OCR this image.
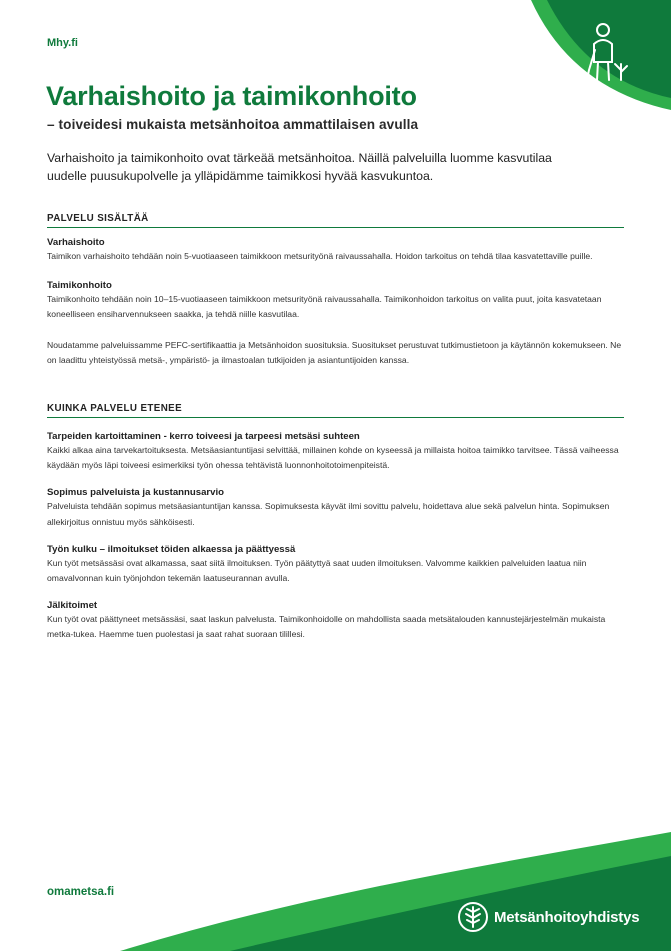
Mhy.fi
Varhaishoito ja taimikonhoito
– toiveidesi mukaista metsänhoitoa ammattilaisen avulla

Varhaishoito ja taimikonhoito ovat tärkeää metsänhoitoa. Näillä palveluilla luomme kasvutilaa uudelle puusukupolvelle ja ylläpidämme taimikkosi hyvää kasvukuntoa.

PALVELU SISÄLTÄÄ

Varhaishoito

Taimikon varhaishoito tehdään noin 5-vuotiaaseen taimikkoon metsurityönä raivaussahalla. Hoidon tarkoitus on tehdä tilaa kasvatettaville puille.

Taimikonhoito

Taimikonhoito tehdään noin 10–15-vuotiaaseen taimikkoon metsurityönä raivaussahalla. Taimikonhoidon tarkoitus on valita puut, joita kasvatetaan koneelliseen ensiharvennukseen saakka, ja tehdä niille kasvutilaa.

Noudatamme palveluissamme PEFC-sertifikaattia ja Metsänhoidon suosituksia. Suositukset perustuvat tutkimustietoon ja käytännön kokemukseen. Ne on laadittu yhteistyössä metsä-, ympäristö- ja ilmastoalan tutkijoiden ja asiantuntijoiden kanssa.

KUINKA PALVELU ETENEE

Tarpeiden kartoittaminen - kerro toiveesi ja tarpeesi metsäsi suhteen

Kaikki alkaa aina tarvekartoituksesta. Metsäasiantuntijasi selvittää, millainen kohde on kyseessä ja millaista hoitoa taimikko tarvitsee. Tässä vaiheessa käydään myös läpi toiveesi esimerkiksi työn ohessa tehtävistä luonnonhoitotoimenpiteistä.

Sopimus palveluista ja kustannusarvio

Palveluista tehdään sopimus metsäasiantuntijan kanssa. Sopimuksesta käyvät ilmi sovittu palvelu, hoidettava alue sekä palvelun hinta. Sopimuksen allekirjoitus onnistuu myös sähköisesti.

Työn kulku – ilmoitukset töiden alkaessa ja päättyessä

Kun työt metsässäsi ovat alkamassa, saat siitä ilmoituksen. Työn päätyttyä saat uuden ilmoituksen. Valvomme kaikkien palveluiden laatua niin omavalvonnan kuin työnjohdon tekemän laatuseurannan avulla.

Jälkitoimet

Kun työt ovat päättyneet metsässäsi, saat laskun palvelusta. Taimikonhoidolle on mahdollista saada metsätalouden kannustejärjestelmän mukaista metka-tukea. Haemme tuen puolestasi ja saat rahat suoraan tilillesi.

omametsa.fi
Metsänhoitoyhdistys
